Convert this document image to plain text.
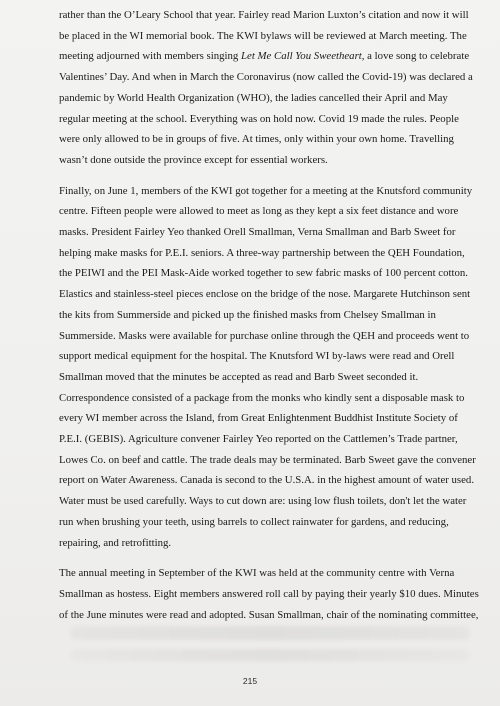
rather than the O’Leary School that year. Fairley read Marion Luxton’s citation and now it will
be placed in the WI memorial book. The KWI bylaws will be reviewed at March meeting. The
meeting adjourned with members singing Let Me Call You Sweetheart, a love song to celebrate
Valentines’ Day. And when in March the Coronavirus (now called the Covid-19) was declared a
pandemic by World Health Organization (WHO), the ladies cancelled their April and May
regular meeting at the school. Everything was on hold now. Covid 19 made the rules. People
were only allowed to be in groups of five. At times, only within your own home. Travelling
wasn’t done outside the province except for essential workers.

Finally, on June 1, members of the KWI got together for a meeting at the Knutsford community
centre. Fifteen people were allowed to meet as long as they kept a six feet distance and wore
masks. President Fairley Yeo thanked Orell Smallman, Verna Smallman and Barb Sweet for
helping make masks for P.E.I. seniors. A three-way partnership between the QEH Foundation,
the PEIWI and the PEI Mask-Aide worked together to sew fabric masks of 100 percent cotton.
Elastics and stainless-steel pieces enclose on the bridge of the nose. Margarete Hutchinson sent
the kits from Summerside and picked up the finished masks from Chelsey Smallman in
Summerside. Masks were available for purchase online through the QEH and proceeds went to
support medical equipment for the hospital. The Knutsford WI by-laws were read and Orell
Smallman moved that the minutes be accepted as read and Barb Sweet seconded it.
Correspondence consisted of a package from the monks who kindly sent a disposable mask to
every WI member across the Island, from Great Enlightenment Buddhist Institute Society of
P.E.I. (GEBIS). Agriculture convener Fairley Yeo reported on the Cattlemen’s Trade partner,
Lowes Co. on beef and cattle. The trade deals may be terminated. Barb Sweet gave the convener
report on Water Awareness. Canada is second to the U.S.A. in the highest amount of water used.
Water must be used carefully. Ways to cut down are: using low flush toilets, don't let the water
run when brushing your teeth, using barrels to collect rainwater for gardens, and reducing,
repairing, and retrofitting.

The annual meeting in September of the KWI was held at the community centre with Verna
Smallman as hostess. Eight members answered roll call by paying their yearly $10 dues. Minutes
of the June minutes were read and adopted. Susan Smallman, chair of the nominating committee,

215
